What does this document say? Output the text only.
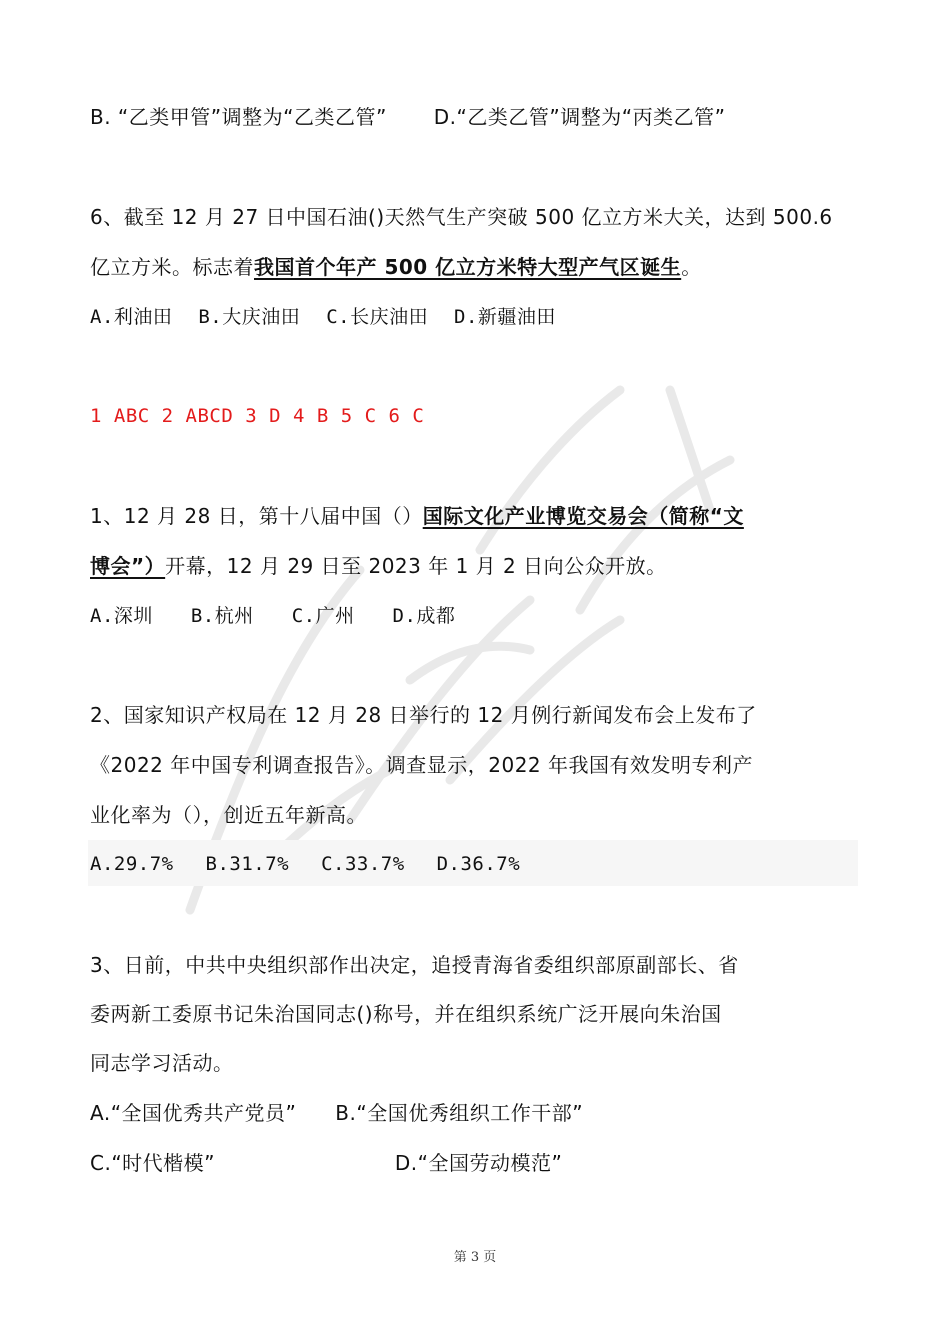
B. “乙类甲管”调整为“乙类乙管” D.“乙类乙管”调整为“丙类乙管”
6、截至 12 月 27 日中国石油()天然气生产突破 500 亿立方米大关，达到 500.6
亿立方米。标志着我国首个年产 500 亿立方米特大型产气区诞生。
A.利油田 B.大庆油田 C.长庆油田 D.新疆油田
1 ABC 2 ABCD 3 D 4 B 5 C 6 C
1、12 月 28 日，第十八届中国（）国际文化产业博览交易会（简称“文
博会”）开幕，12 月 29 日至 2023 年 1 月 2 日向公众开放。
A.深圳 B.杭州 C.广州 D.成都
2、国家知识产权局在 12 月 28 日举行的 12 月例行新闻发布会上发布了
《2022 年中国专利调查报告》。调查显示，2022 年我国有效发明专利产
业化率为（），创近五年新高。
A.29.7% B.31.7% C.33.7% D.36.7%
3、日前，中共中央组织部作出决定，追授青海省委组织部原副部长、省
委两新工委原书记朱治国同志()称号，并在组织系统广泛开展向朱治国
同志学习活动。
A.“全国优秀共产党员” B.“全国优秀组织工作干部”
C.“时代楷模”	D.“全国劳动模范”
第 3 页
